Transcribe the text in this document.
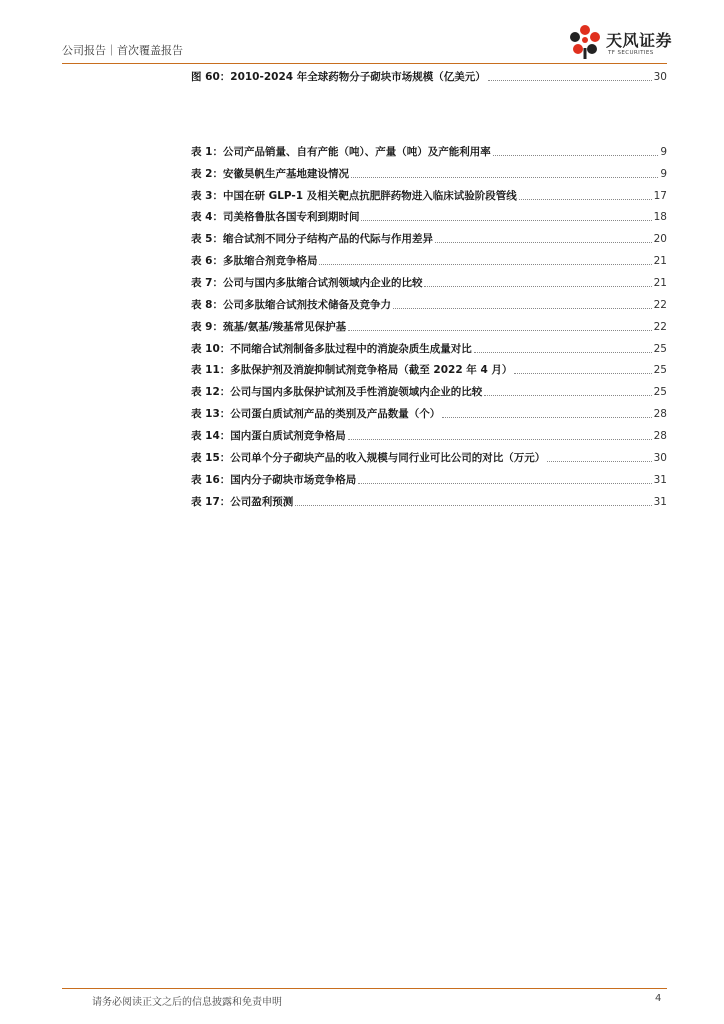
公司报告｜首次覆盖报告
天风证券
TF SECURITIES
图 60：2010-2024 年全球药物分子砌块市场规模（亿美元）	30
表 1：公司产品销量、自有产能（吨）、产量（吨）及产能利用率	9
表 2：安徽昊帆生产基地建设情况	9
表 3：中国在研 GLP-1 及相关靶点抗肥胖药物进入临床试验阶段管线	17
表 4：司美格鲁肽各国专利到期时间	18
表 5：缩合试剂不同分子结构产品的代际与作用差异	20
表 6：多肽缩合剂竞争格局	21
表 7：公司与国内多肽缩合试剂领域内企业的比较	21
表 8：公司多肽缩合试剂技术储备及竞争力	22
表 9：巯基/氨基/羧基常见保护基	22
表 10：不同缩合试剂制备多肽过程中的消旋杂质生成量对比	25
表 11：多肽保护剂及消旋抑制试剂竞争格局（截至 2022 年 4 月）	25
表 12：公司与国内多肽保护试剂及手性消旋领域内企业的比较	25
表 13：公司蛋白质试剂产品的类别及产品数量（个）	28
表 14：国内蛋白质试剂竞争格局	28
表 15：公司单个分子砌块产品的收入规模与同行业可比公司的对比（万元）	30
表 16：国内分子砌块市场竞争格局	31
表 17：公司盈利预测	31
请务必阅读正文之后的信息披露和免责申明	4
